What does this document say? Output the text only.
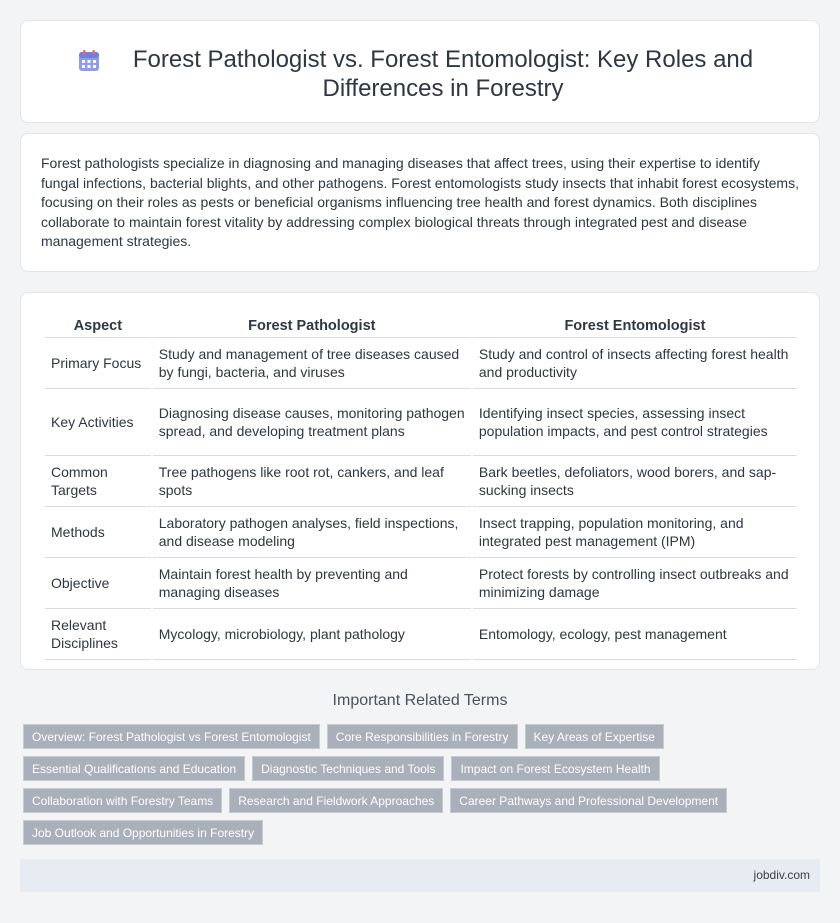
Forest Pathologist vs. Forest Entomologist: Key Roles and Differences in Forestry

Forest pathologists specialize in diagnosing and managing diseases that affect trees, using their expertise to identify fungal infections, bacterial blights, and other pathogens. Forest entomologists study insects that inhabit forest ecosystems, focusing on their roles as pests or beneficial organisms influencing tree health and forest dynamics. Both disciplines collaborate to maintain forest vitality by addressing complex biological threats through integrated pest and disease management strategies.

Aspect	Forest Pathologist	Forest Entomologist
Primary Focus	Study and management of tree diseases caused by fungi, bacteria, and viruses	Study and control of insects affecting forest health and productivity
Key Activities	Diagnosing disease causes, monitoring pathogen spread, and developing treatment plans	Identifying insect species, assessing insect population impacts, and pest control strategies
Common Targets	Tree pathogens like root rot, cankers, and leaf spots	Bark beetles, defoliators, wood borers, and sap-sucking insects
Methods	Laboratory pathogen analyses, field inspections, and disease modeling	Insect trapping, population monitoring, and integrated pest management (IPM)
Objective	Maintain forest health by preventing and managing diseases	Protect forests by controlling insect outbreaks and minimizing damage
Relevant Disciplines	Mycology, microbiology, plant pathology	Entomology, ecology, pest management
Important Related Terms
Overview: Forest Pathologist vs Forest Entomologist	Core Responsibilities in Forestry	Key Areas of Expertise
Essential Qualifications and Education	Diagnostic Techniques and Tools	Impact on Forest Ecosystem Health
Collaboration with Forestry Teams	Research and Fieldwork Approaches	Career Pathways and Professional Development
Job Outlook and Opportunities in Forestry
jobdiv.com
